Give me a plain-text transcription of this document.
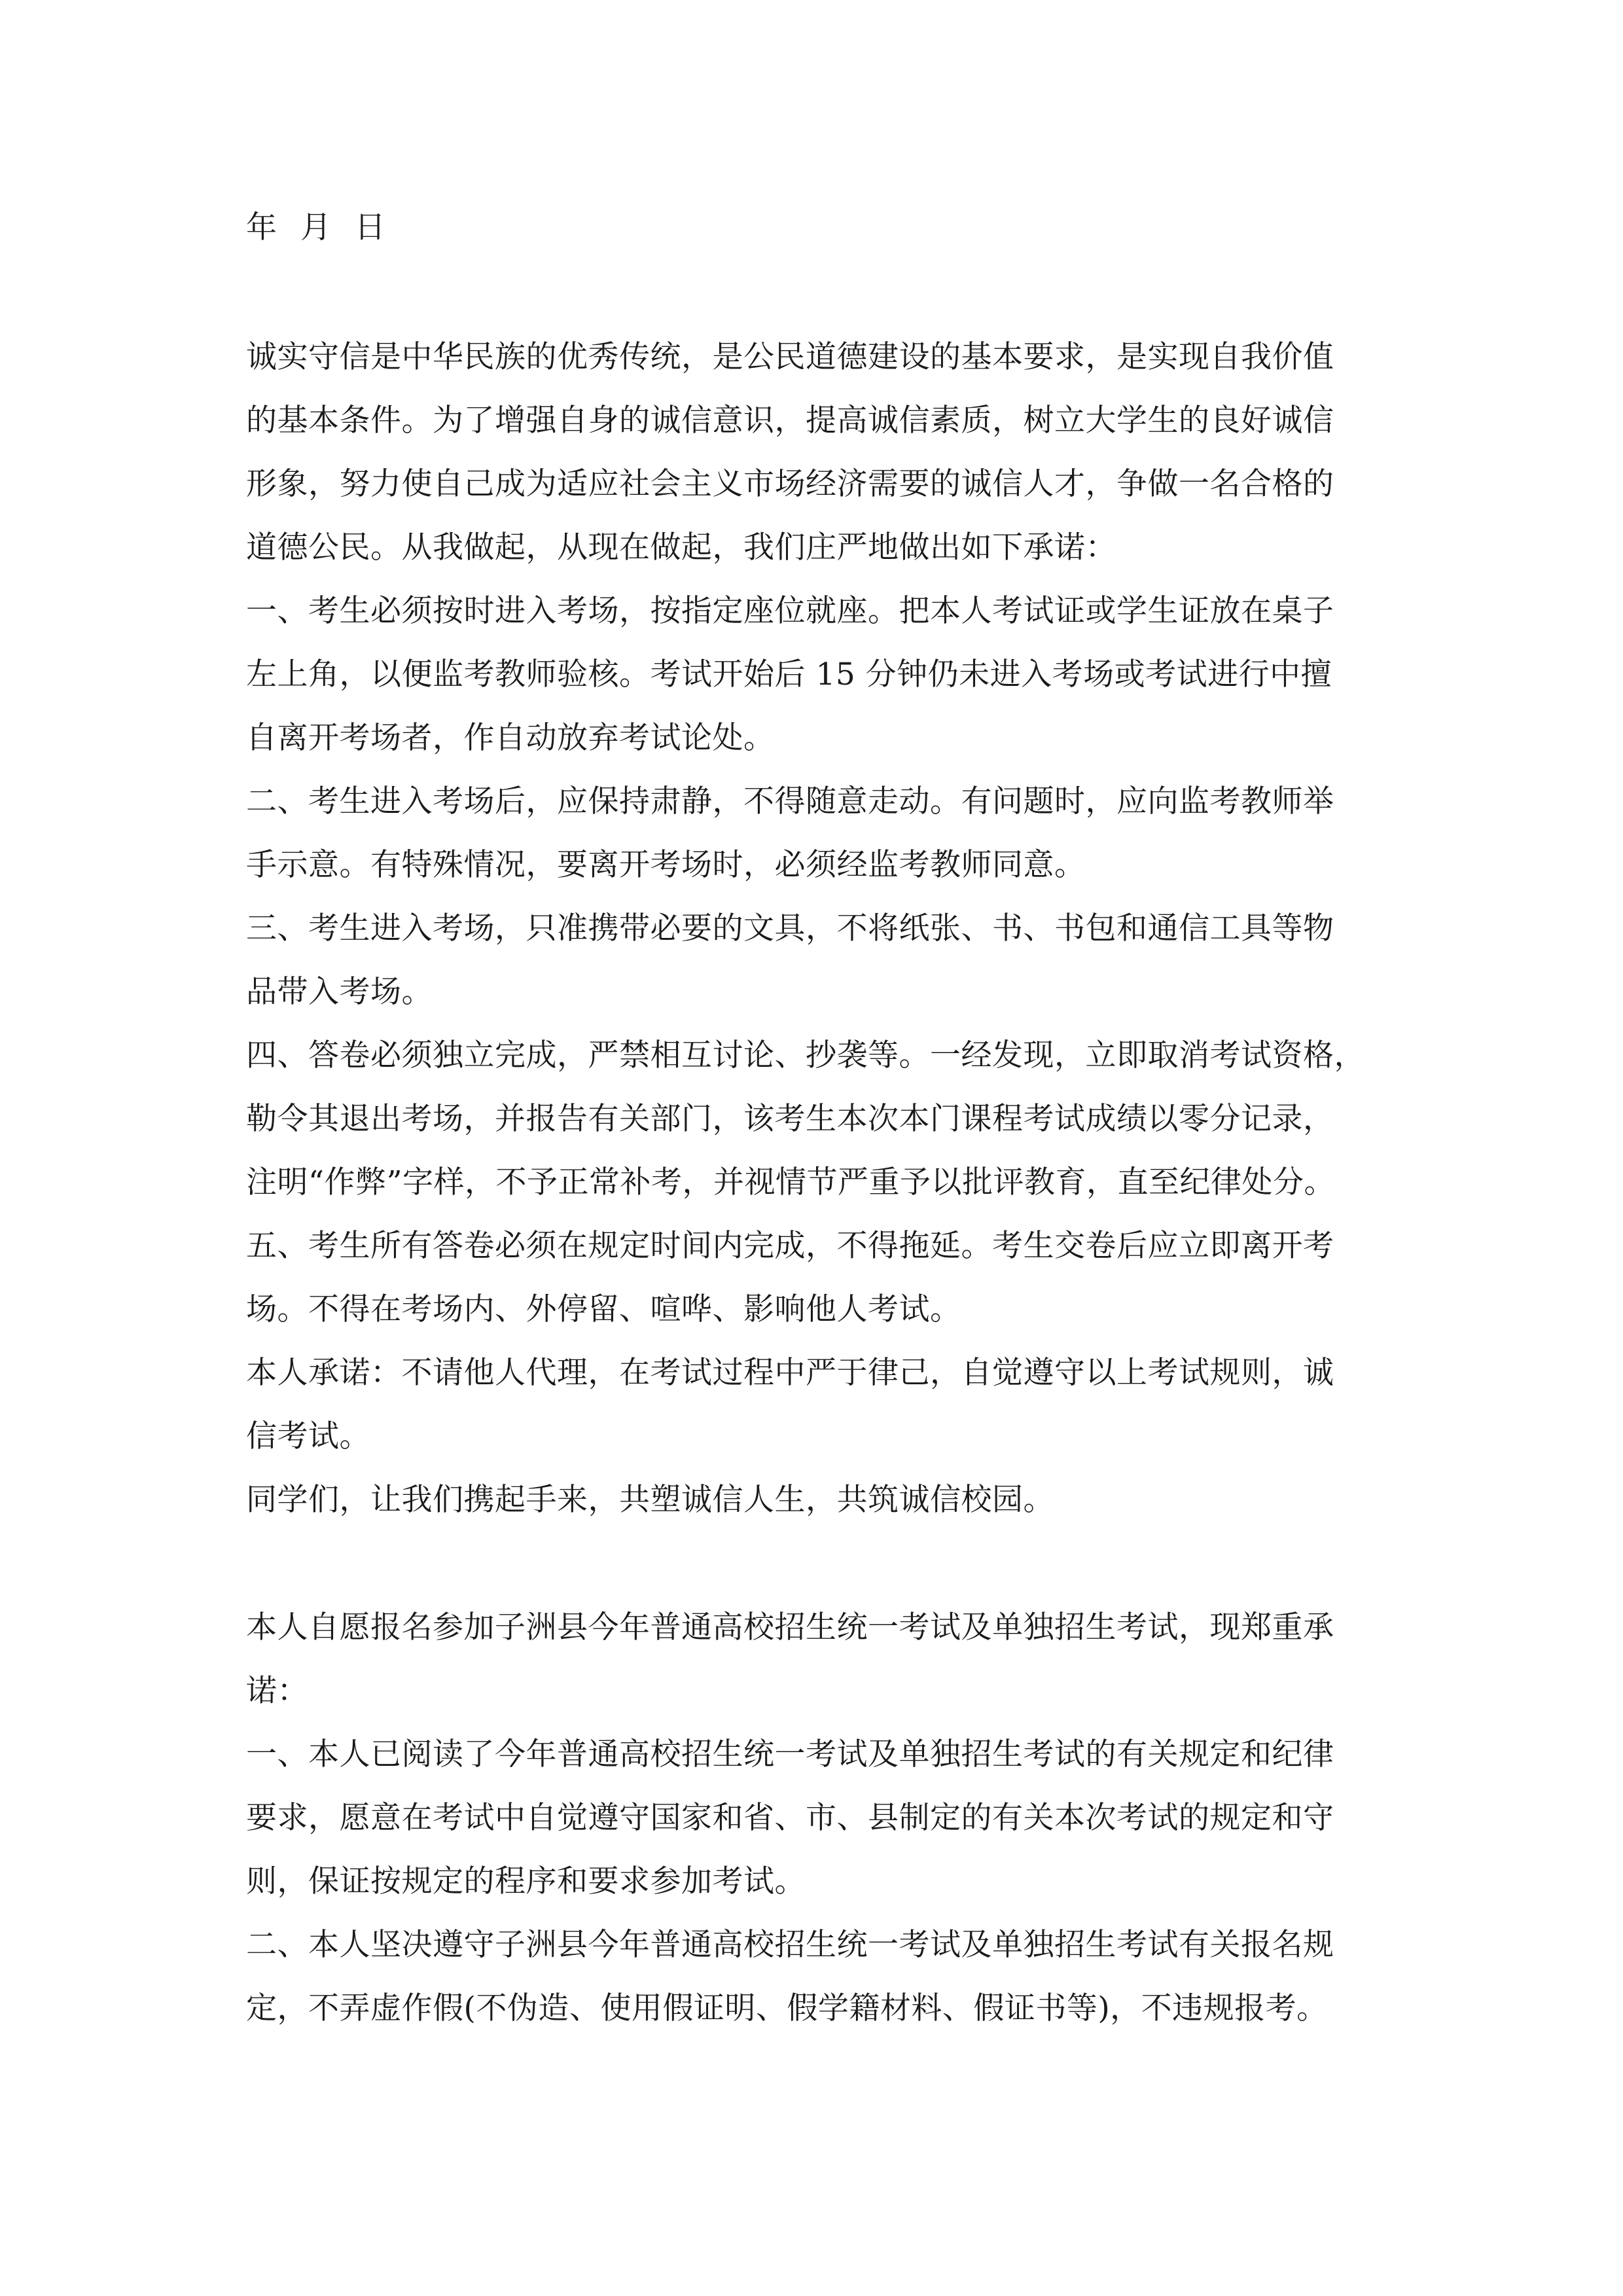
年 月 日
诚实守信是中华民族的优秀传统，是公民道德建设的基本要求，是实现自我价值
的基本条件。为了增强自身的诚信意识，提高诚信素质，树立大学生的良好诚信
形象，努力使自己成为适应社会主义市场经济需要的诚信人才，争做一名合格的
道德公民。从我做起，从现在做起，我们庄严地做出如下承诺：
一、考生必须按时进入考场，按指定座位就座。把本人考试证或学生证放在桌子
左上角，以便监考教师验核。考试开始后 15 分钟仍未进入考场或考试进行中擅
自离开考场者，作自动放弃考试论处。
二、考生进入考场后，应保持肃静，不得随意走动。有问题时，应向监考教师举
手示意。有特殊情况，要离开考场时，必须经监考教师同意。
三、考生进入考场，只准携带必要的文具，不将纸张、书、书包和通信工具等物
品带入考场。
四、答卷必须独立完成，严禁相互讨论、抄袭等。一经发现，立即取消考试资格，
勒令其退出考场，并报告有关部门，该考生本次本门课程考试成绩以零分记录，
注明“作弊”字样，不予正常补考，并视情节严重予以批评教育，直至纪律处分。
五、考生所有答卷必须在规定时间内完成，不得拖延。考生交卷后应立即离开考
场。不得在考场内、外停留、喧哗、影响他人考试。
本人承诺：不请他人代理，在考试过程中严于律己，自觉遵守以上考试规则，诚
信考试。
同学们，让我们携起手来，共塑诚信人生，共筑诚信校园。
本人自愿报名参加子洲县今年普通高校招生统一考试及单独招生考试，现郑重承
诺：
一、本人已阅读了今年普通高校招生统一考试及单独招生考试的有关规定和纪律
要求，愿意在考试中自觉遵守国家和省、市、县制定的有关本次考试的规定和守
则，保证按规定的程序和要求参加考试。
二、本人坚决遵守子洲县今年普通高校招生统一考试及单独招生考试有关报名规
定，不弄虚作假(不伪造、使用假证明、假学籍材料、假证书等)，不违规报考。
